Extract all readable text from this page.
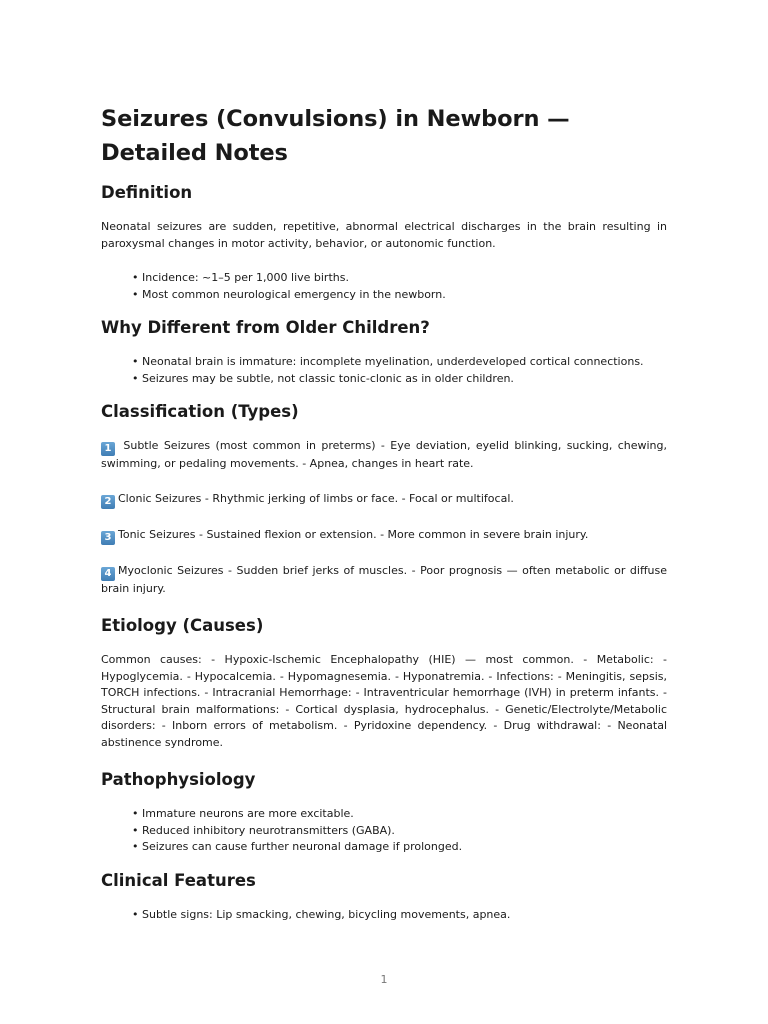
Seizures (Convulsions) in Newborn — Detailed Notes
Definition

Neonatal seizures are sudden, repetitive, abnormal electrical discharges in the brain resulting in paroxysmal changes in motor activity, behavior, or autonomic function.

• Incidence: ~1–5 per 1,000 live births.
• Most common neurological emergency in the newborn.
Why Different from Older Children?
• Neonatal brain is immature: incomplete myelination, underdeveloped cortical connections.
• Seizures may be subtle, not classic tonic-clonic as in older children.
Classification (Types)
1 Subtle Seizures (most common in preterms) - Eye deviation, eyelid blinking, sucking, chewing, swimming, or pedaling movements. - Apnea, changes in heart rate.
2 Clonic Seizures - Rhythmic jerking of limbs or face. - Focal or multifocal.
3 Tonic Seizures - Sustained flexion or extension. - More common in severe brain injury.
4 Myoclonic Seizures - Sudden brief jerks of muscles. - Poor prognosis — often metabolic or diffuse brain injury.
Etiology (Causes)

Common causes: - Hypoxic-Ischemic Encephalopathy (HIE) — most common. - Metabolic: - Hypoglycemia. - Hypocalcemia. - Hypomagnesemia. - Hyponatremia. - Infections: - Meningitis, sepsis, TORCH infections. - Intracranial Hemorrhage: - Intraventricular hemorrhage (IVH) in preterm infants. - Structural brain malformations: - Cortical dysplasia, hydrocephalus. - Genetic/Electrolyte/Metabolic disorders: - Inborn errors of metabolism. - Pyridoxine dependency. - Drug withdrawal: - Neonatal abstinence syndrome.

Pathophysiology
• Immature neurons are more excitable.
• Reduced inhibitory neurotransmitters (GABA).
• Seizures can cause further neuronal damage if prolonged.
Clinical Features
• Subtle signs: Lip smacking, chewing, bicycling movements, apnea.
1
